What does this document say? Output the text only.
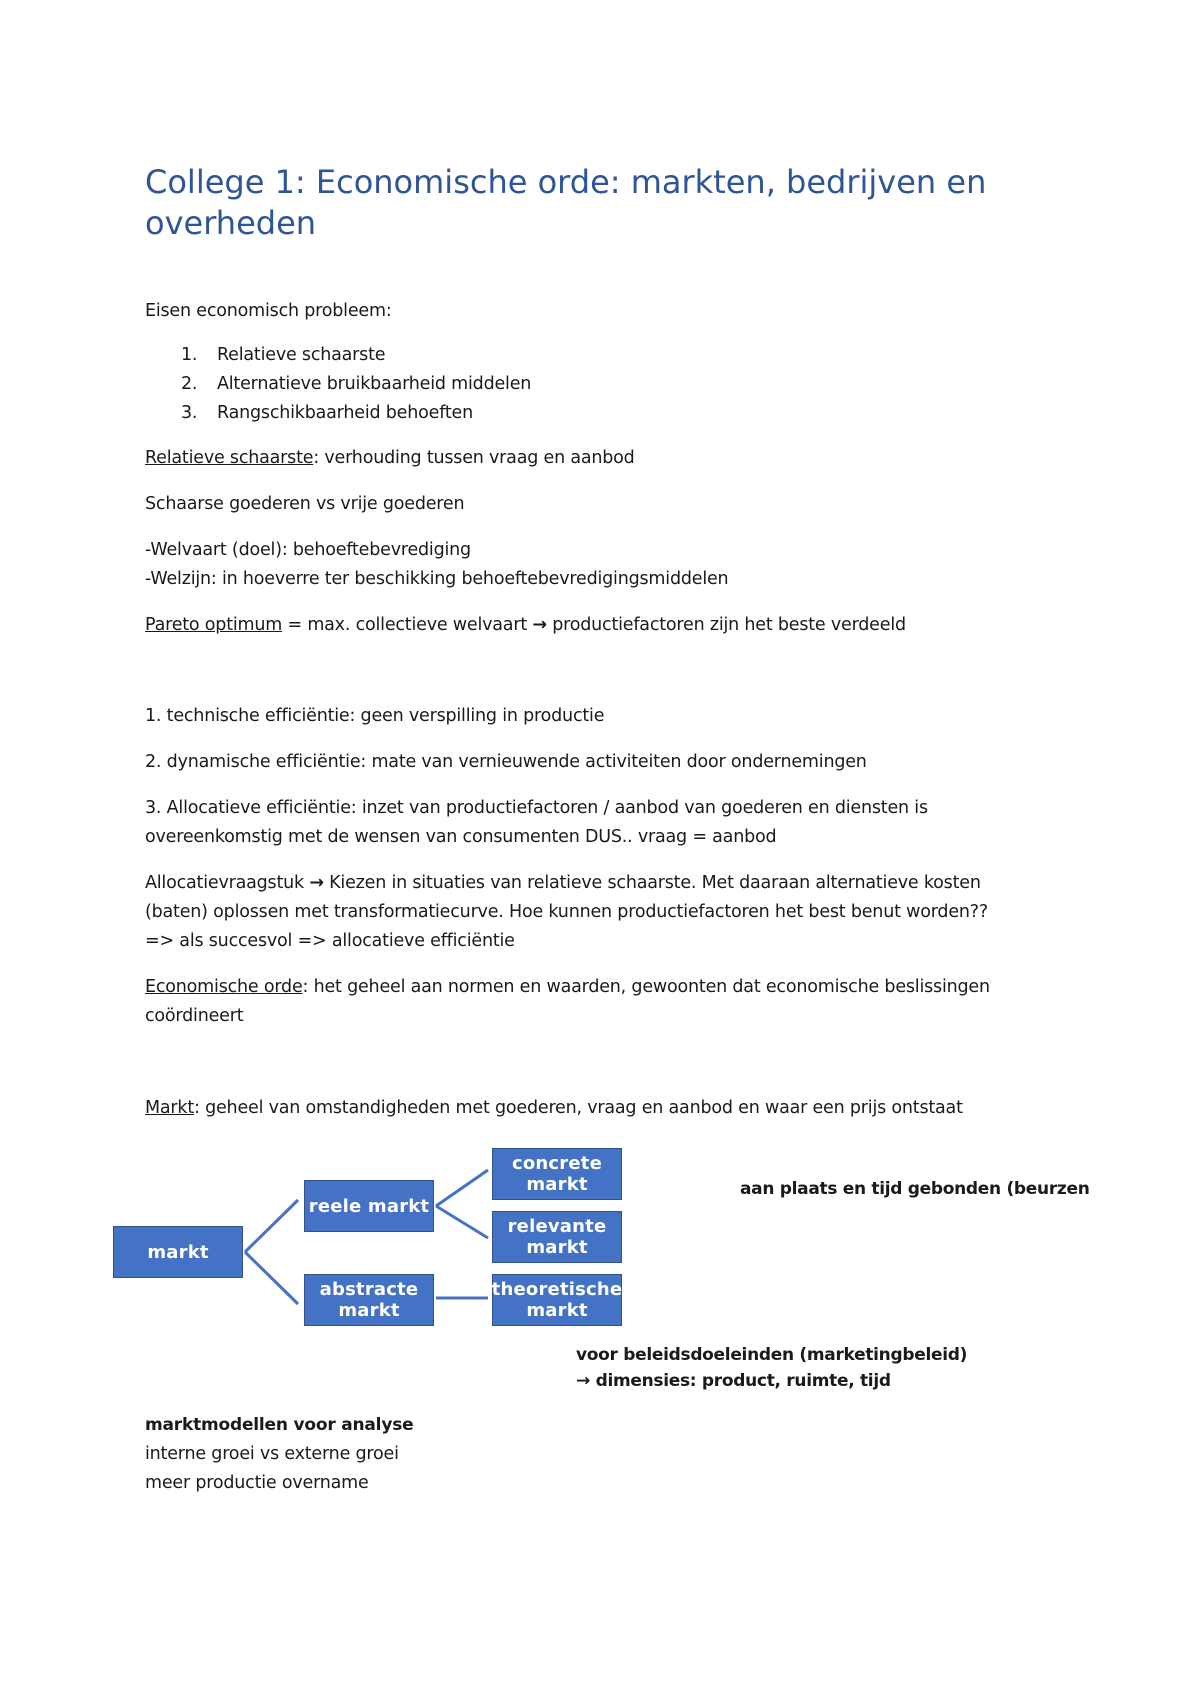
College 1: Economische orde: markten, bedrijven en overheden

Eisen economisch probleem:

1. Relatieve schaarste
2. Alternatieve bruikbaarheid middelen
3. Rangschikbaarheid behoeften

Relatieve schaarste: verhouding tussen vraag en aanbod

Schaarse goederen vs vrije goederen

-Welvaart (doel): behoeftebevrediging

-Welzijn: in hoeverre ter beschikking behoeftebevredigingsmiddelen

Pareto optimum = max. collectieve welvaart → productiefactoren zijn het beste verdeeld

1. technische efficiëntie: geen verspilling in productie

2. dynamische efficiëntie: mate van vernieuwende activiteiten door ondernemingen

3. Allocatieve efficiëntie: inzet van productiefactoren / aanbod van goederen en diensten is

overeenkomstig met de wensen van consumenten DUS.. vraag = aanbod

Allocatievraagstuk → Kiezen in situaties van relatieve schaarste. Met daaraan alternatieve kosten

(baten) oplossen met transformatiecurve. Hoe kunnen productiefactoren het best benut worden??

=> als succesvol => allocatieve efficiëntie

Economische orde: het geheel aan normen en waarden, gewoonten dat economische beslissingen

coördineert

Markt: geheel van omstandigheden met goederen, vraag en aanbod en waar een prijs ontstaat

markt
reele markt
abstracte markt
concrete markt
relevante markt
theoretische markt
aan plaats en tijd gebonden (beurzen
voor beleidsdoeleinden (marketingbeleid)
→ dimensies: product, ruimte, tijd

marktmodellen voor analyse

interne groei vs externe groei

meer productie overname
